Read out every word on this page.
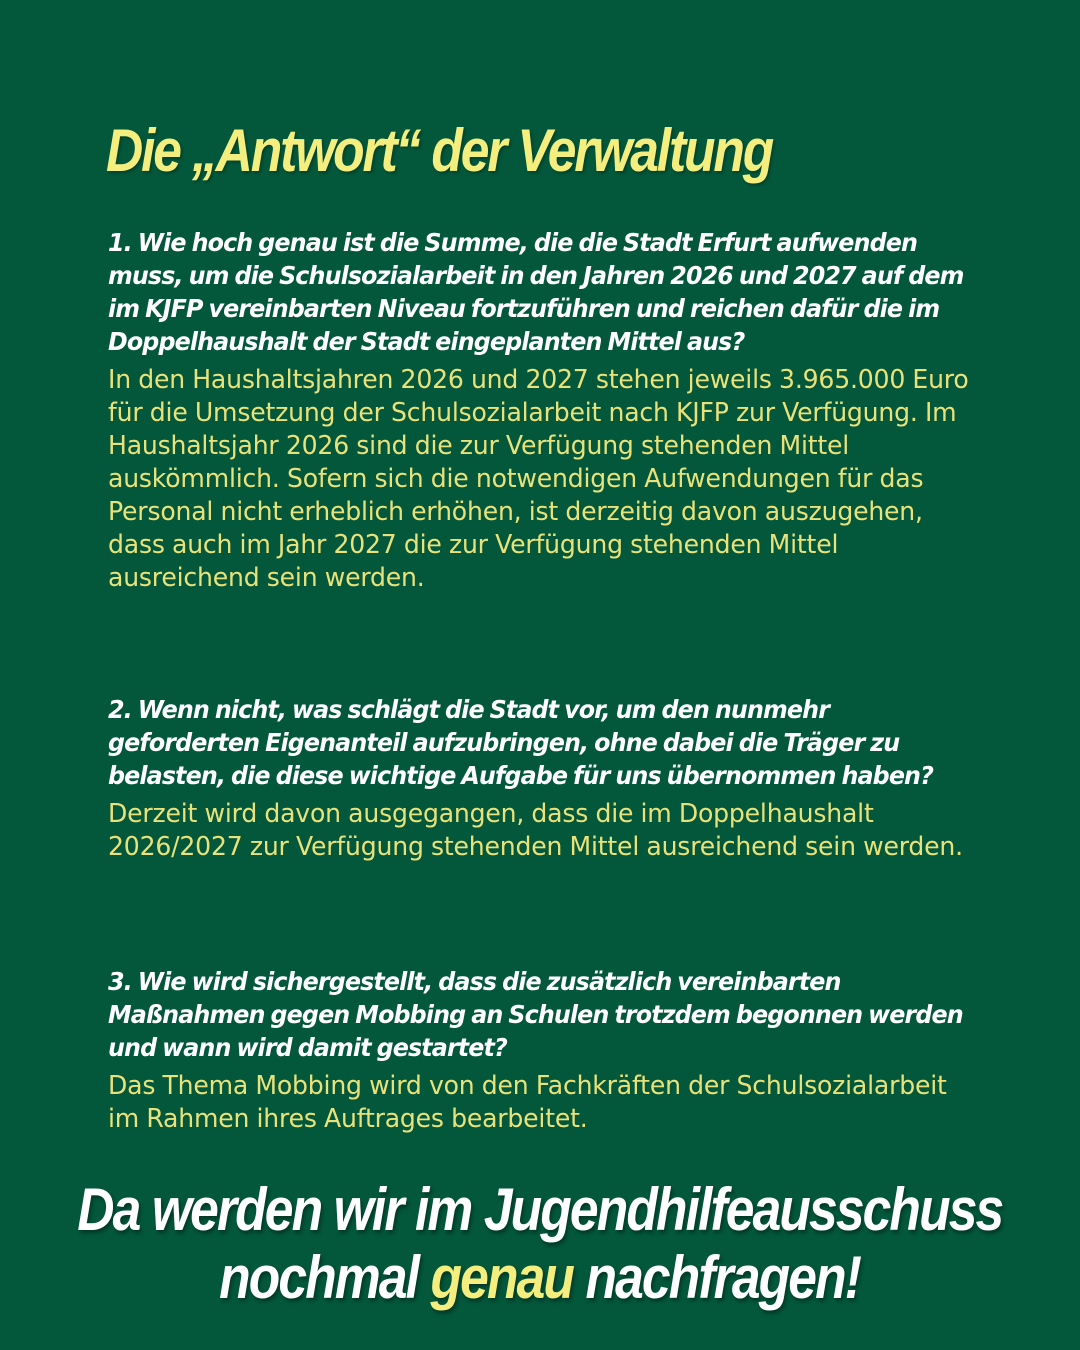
Die „Antwort“ der Verwaltung

1. Wie hoch genau ist die Summe, die die Stadt Erfurt aufwenden muss, um die Schulsozialarbeit in den Jahren 2026 und 2027 auf dem im KJFP vereinbarten Niveau fortzuführen und reichen dafür die im Doppelhaushalt der Stadt eingeplanten Mittel aus?

In den Haushaltsjahren 2026 und 2027 stehen jeweils 3.965.000 Euro für die Umsetzung der Schulsozialarbeit nach KJFP zur Verfügung. Im Haushaltsjahr 2026 sind die zur Verfügung stehenden Mittel auskömmlich. Sofern sich die notwendigen Aufwendungen für das Personal nicht erheblich erhöhen, ist derzeitig davon auszugehen, dass auch im Jahr 2027 die zur Verfügung stehenden Mittel ausreichend sein werden.

2. Wenn nicht, was schlägt die Stadt vor, um den nunmehr geforderten Eigenanteil aufzubringen, ohne dabei die Träger zu belasten, die diese wichtige Aufgabe für uns übernommen haben?

Derzeit wird davon ausgegangen, dass die im Doppelhaushalt 2026/2027 zur Verfügung stehenden Mittel ausreichend sein werden.

3. Wie wird sichergestellt, dass die zusätzlich vereinbarten Maßnahmen gegen Mobbing an Schulen trotzdem begonnen werden und wann wird damit gestartet?

Das Thema Mobbing wird von den Fachkräften der Schulsozialarbeit im Rahmen ihres Auftrages bearbeitet.

Da werden wir im Jugendhilfeausschuss
nochmal genau nachfragen!
